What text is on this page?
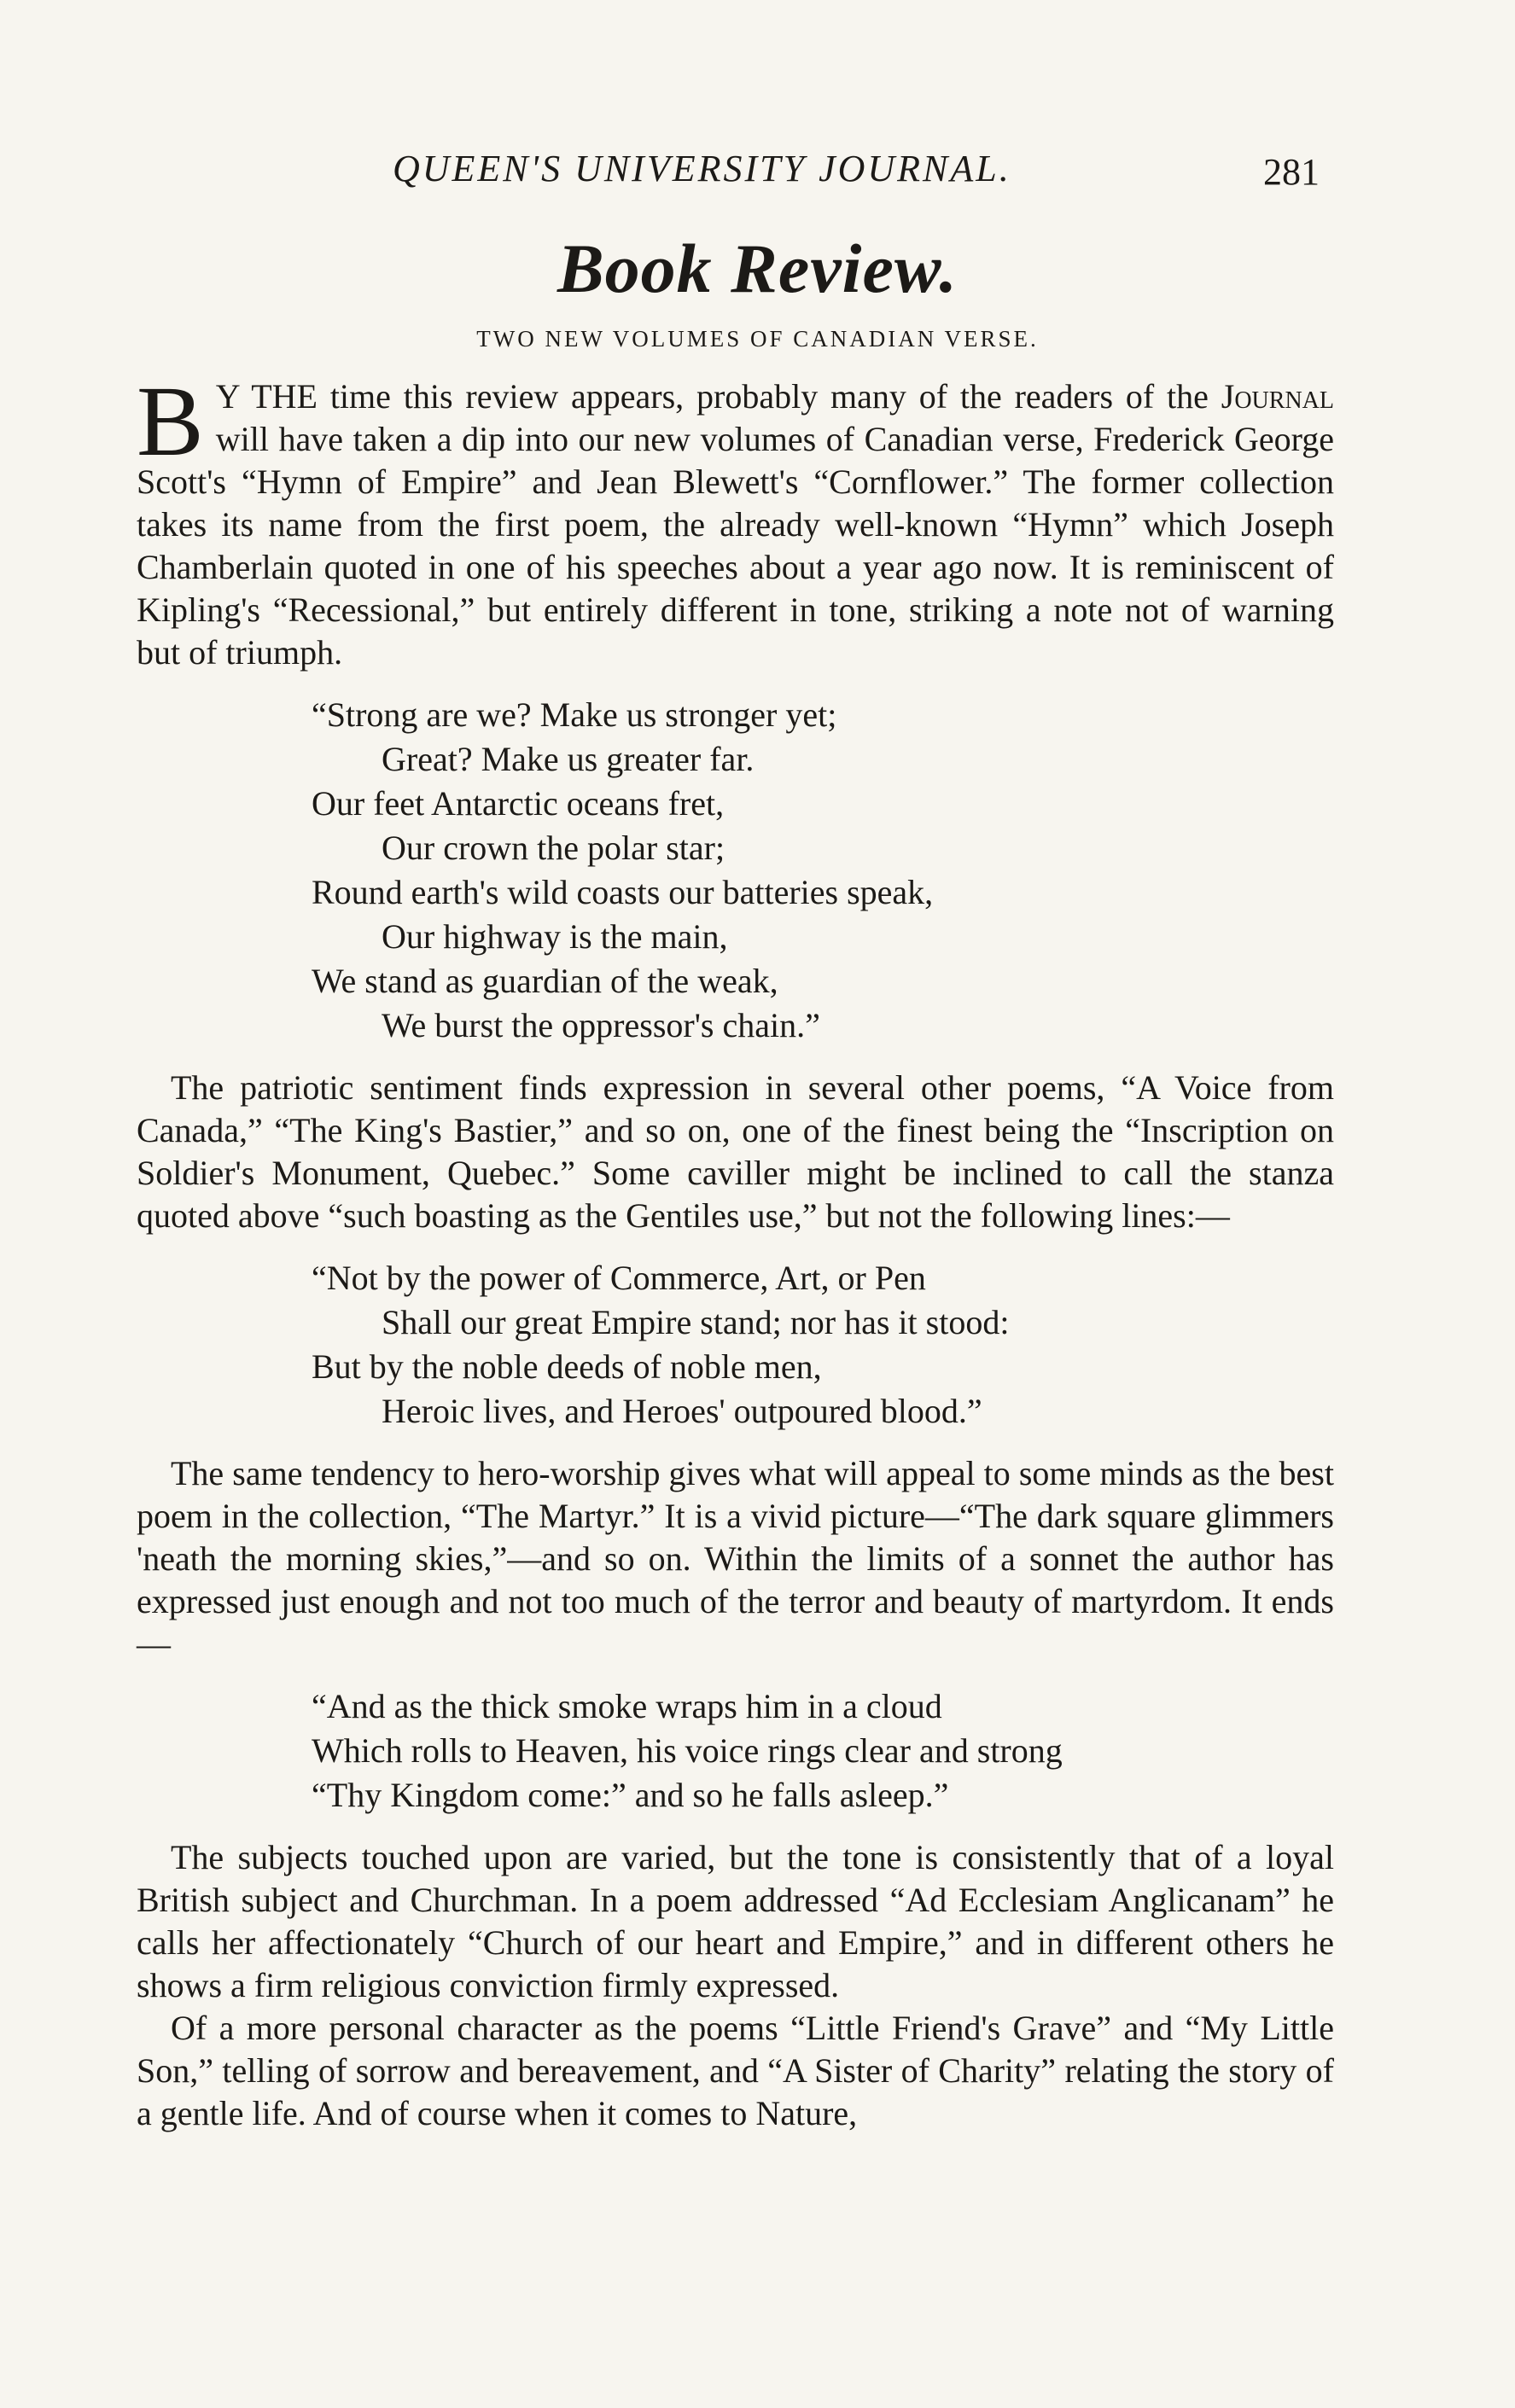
QUEEN'S UNIVERSITY JOURNAL.	281
Book Review.
TWO NEW VOLUMES OF CANADIAN VERSE.

B Y THE time this review appears, probably many of the readers of the Journal will have taken a dip into our new volumes of Canadian verse, Frederick George Scott's “Hymn of Empire” and Jean Blewett's “Cornflower.” The former collection takes its name from the first poem, the already well-known “Hymn” which Joseph Chamberlain quoted in one of his speeches about a year ago now. It is reminiscent of Kipling's “Recessional,” but entirely different in tone, striking a note not of warning but of triumph.

“Strong are we? Make us stronger yet;
Great? Make us greater far.
Our feet Antarctic oceans fret,
Our crown the polar star;
Round earth's wild coasts our batteries speak,
Our highway is the main,
We stand as guardian of the weak,
We burst the oppressor's chain.”

The patriotic sentiment finds expression in several other poems, “A Voice from Canada,” “The King's Bastier,” and so on, one of the finest being the “Inscription on Soldier's Monument, Quebec.” Some caviller might be inclined to call the stanza quoted above “such boasting as the Gentiles use,” but not the following lines:—

“Not by the power of Commerce, Art, or Pen
Shall our great Empire stand; nor has it stood:
But by the noble deeds of noble men,
Heroic lives, and Heroes' outpoured blood.”

The same tendency to hero-worship gives what will appeal to some minds as the best poem in the collection, “The Martyr.” It is a vivid picture—“The dark square glimmers 'neath the morning skies,”—and so on. Within the limits of a sonnet the author has expressed just enough and not too much of the terror and beauty of martyrdom. It ends—

“And as the thick smoke wraps him in a cloud
Which rolls to Heaven, his voice rings clear and strong
“Thy Kingdom come:” and so he falls asleep.”

The subjects touched upon are varied, but the tone is consistently that of a loyal British subject and Churchman. In a poem addressed “Ad Ecclesiam Anglicanam” he calls her affectionately “Church of our heart and Empire,” and in different others he shows a firm religious conviction firmly expressed.

Of a more personal character as the poems “Little Friend's Grave” and “My Little Son,” telling of sorrow and bereavement, and “A Sister of Charity” relating the story of a gentle life. And of course when it comes to Nature,
